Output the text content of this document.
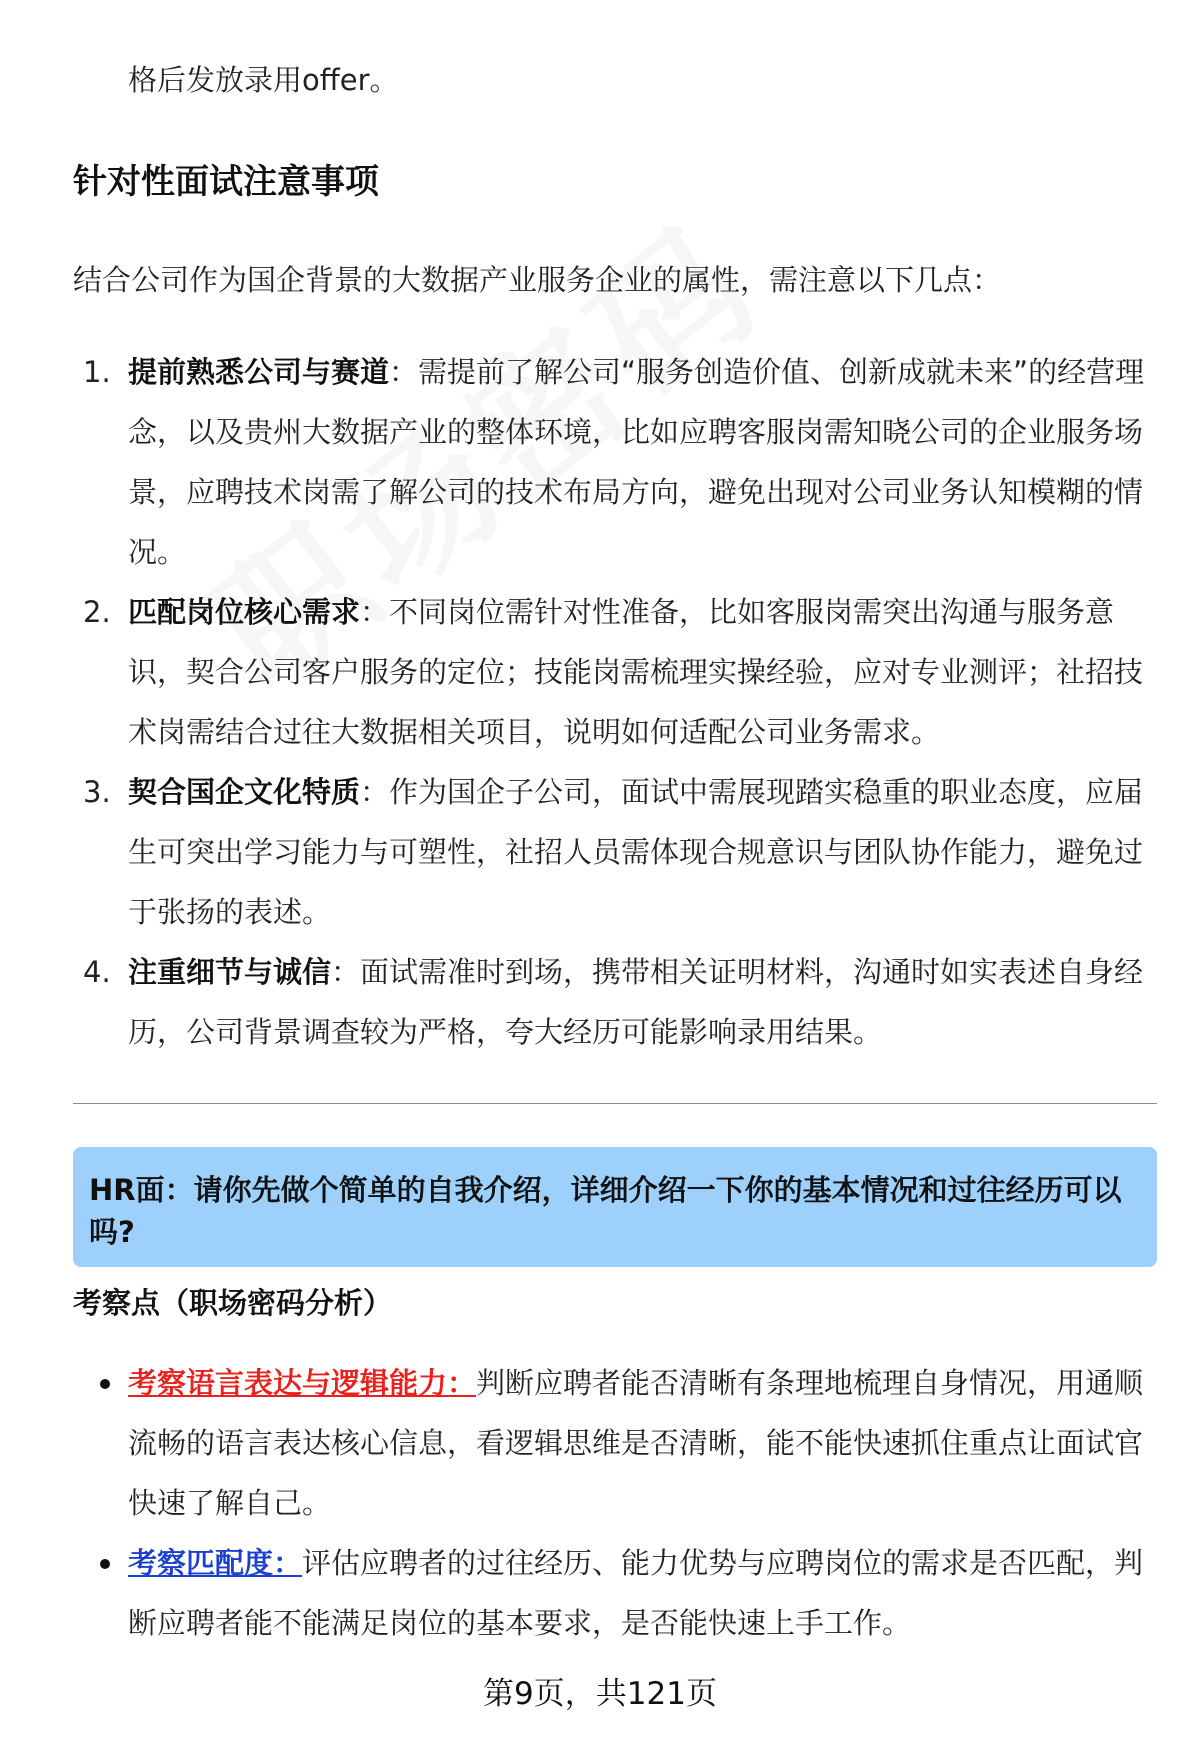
格后发放录用offer。
针对性面试注意事项
结合公司作为国企背景的大数据产业服务企业的属性，需注意以下几点：
1. 提前熟悉公司与赛道：需提前了解公司“服务创造价值、创新成就未来”的经营理念，以及贵州大数据产业的整体环境，比如应聘客服岗需知晓公司的企业服务场景，应聘技术岗需了解公司的技术布局方向，避免出现对公司业务认知模糊的情况。
2. 匹配岗位核心需求：不同岗位需针对性准备，比如客服岗需突出沟通与服务意识，契合公司客户服务的定位；技能岗需梳理实操经验，应对专业测评；社招技术岗需结合过往大数据相关项目，说明如何适配公司业务需求。
3. 契合国企文化特质：作为国企子公司，面试中需展现踏实稳重的职业态度，应届生可突出学习能力与可塑性，社招人员需体现合规意识与团队协作能力，避免过于张扬的表述。
4. 注重细节与诚信：面试需准时到场，携带相关证明材料，沟通时如实表述自身经历，公司背景调查较为严格，夸大经历可能影响录用结果。
HR面：请你先做个简单的自我介绍，详细介绍一下你的基本情况和过往经历可以吗?
考察点（职场密码分析）
考察语言表达与逻辑能力：判断应聘者能否清晰有条理地梳理自身情况，用通顺流畅的语言表达核心信息，看逻辑思维是否清晰，能不能快速抓住重点让面试官快速了解自己。
考察匹配度：评估应聘者的过往经历、能力优势与应聘岗位的需求是否匹配，判断应聘者能不能满足岗位的基本要求，是否能快速上手工作。
第9页，共121页
